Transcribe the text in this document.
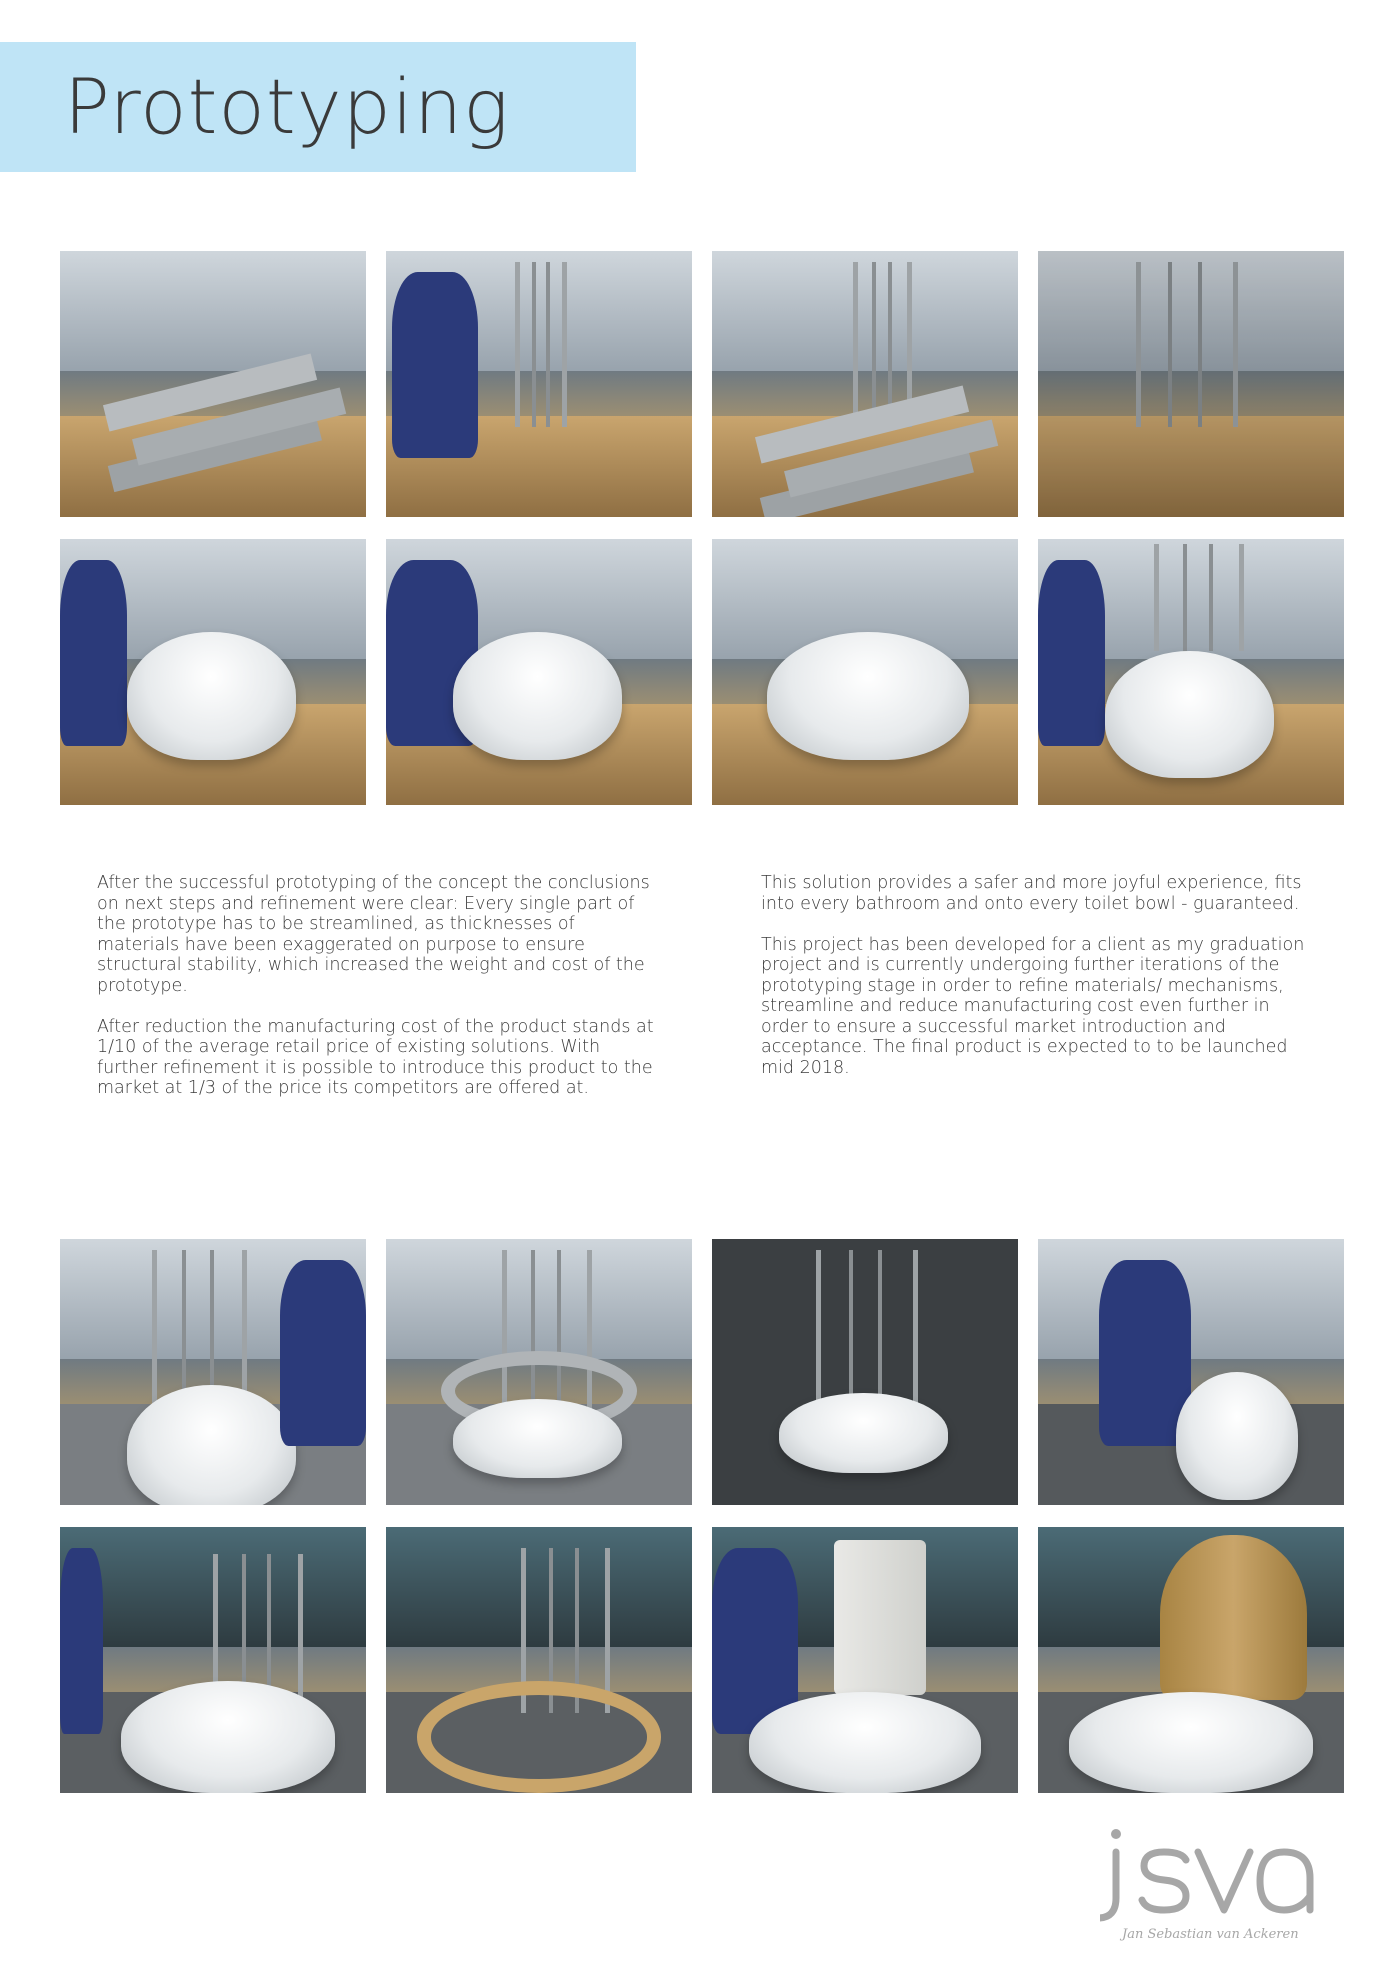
Prototyping

After the successful prototyping of the concept the conclusions on next steps and refinement were clear: Every single part of the prototype has to be streamlined, as thicknesses of materials have been exaggerated on purpose to ensure structural stability, which increased the weight and cost of the prototype.

After reduction the manufacturing cost of the product stands at 1/10 of the average retail price of existing solutions. With further refinement it is possible to introduce this product to the market at 1/3 of the price its competitors are offered at.

This solution provides a safer and more joyful experience, fits into every bathroom and onto every toilet bowl - guaranteed.

This project has been developed for a client as my graduation project and is currently undergoing further iterations of the prototyping stage in order to refine materials/ mechanisms, streamline and reduce manufacturing cost even further in order to ensure a successful market introduction and acceptance. The final product is expected to to be launched mid 2018.

Jan Sebastian van Ackeren
